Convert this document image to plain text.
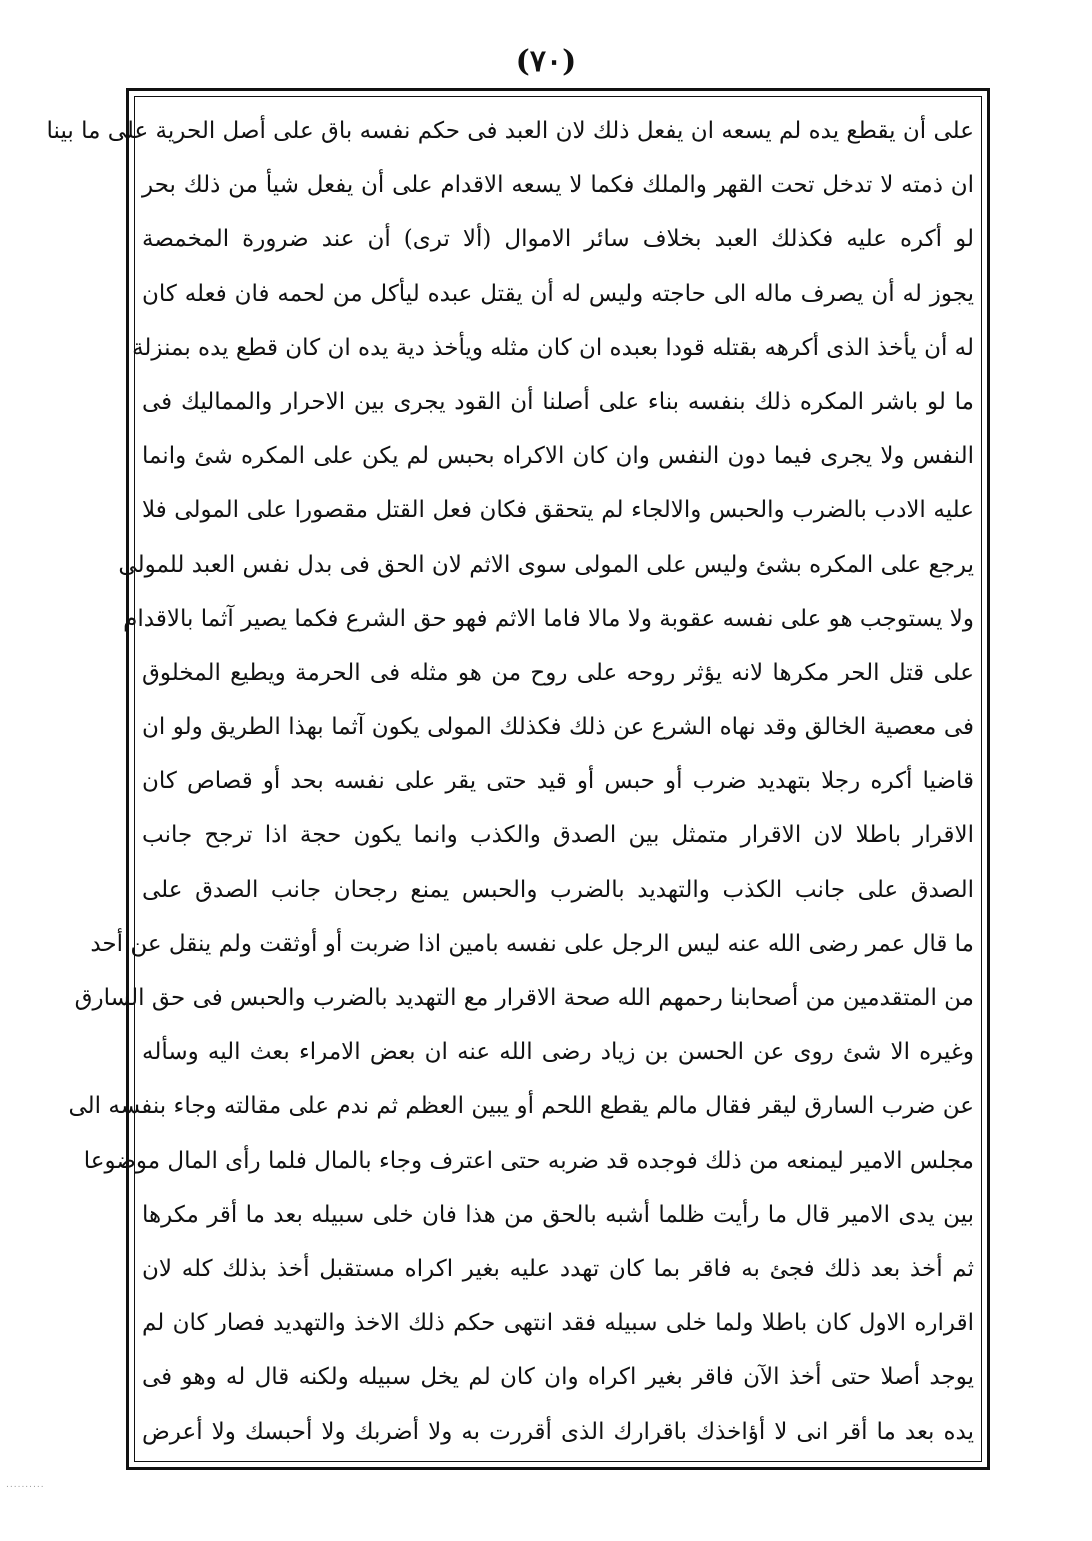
(٧٠)
على أن يقطع يده لم يسعه ان يفعل ذلك لان العبد فى حكم نفسه باق على أصل الحرية على ما بينا
ان ذمته لا تدخل تحت القهر والملك فكما لا يسعه الاقدام على أن يفعل شيأ من ذلك بحر
لو أكره عليه فكذلك العبد بخلاف سائر الاموال (ألا ترى) أن عند ضرورة المخمصة
يجوز له أن يصرف ماله الى حاجته وليس له أن يقتل عبده ليأكل من لحمه فان فعله كان
له أن يأخذ الذى أكرهه بقتله قودا بعبده ان كان مثله ويأخذ دية يده ان كان قطع يده بمنزلة
ما لو باشر المكره ذلك بنفسه بناء على أصلنا أن القود يجرى بين الاحرار والمماليك فى
النفس ولا يجرى فيما دون النفس وان كان الاكراه بحبس لم يكن على المكره شئ وانما
عليه الادب بالضرب والحبس والالجاء لم يتحقق فكان فعل القتل مقصورا على المولى فلا
يرجع على المكره بشئ وليس على المولى سوى الاثم لان الحق فى بدل نفس العبد للمولى
ولا يستوجب هو على نفسه عقوبة ولا مالا فاما الاثم فهو حق الشرع فكما يصير آثما بالاقدام
على قتل الحر مكرها لانه يؤثر روحه على روح من هو مثله فى الحرمة ويطيع المخلوق
فى معصية الخالق وقد نهاه الشرع عن ذلك فكذلك المولى يكون آثما بهذا الطريق ولو ان
قاضيا أكره رجلا بتهديد ضرب أو حبس أو قيد حتى يقر على نفسه بحد أو قصاص كان
الاقرار باطلا لان الاقرار متمثل بين الصدق والكذب وانما يكون حجة اذا ترجح جانب
الصدق على جانب الكذب والتهديد بالضرب والحبس يمنع رجحان جانب الصدق على
ما قال عمر رضى الله عنه ليس الرجل على نفسه بامين اذا ضربت أو أوثقت ولم ينقل عن أحد
من المتقدمين من أصحابنا رحمهم الله صحة الاقرار مع التهديد بالضرب والحبس فى حق السارق
وغيره الا شئ روى عن الحسن بن زياد رضى الله عنه ان بعض الامراء بعث اليه وسأله
عن ضرب السارق ليقر فقال مالم يقطع اللحم أو يبين العظم ثم ندم على مقالته وجاء بنفسه الى
مجلس الامير ليمنعه من ذلك فوجده قد ضربه حتى اعترف وجاء بالمال فلما رأى المال موضوعا
بين يدى الامير قال ما رأيت ظلما أشبه بالحق من هذا فان خلى سبيله بعد ما أقر مكرها
ثم أخذ بعد ذلك فجئ به فاقر بما كان تهدد عليه بغير اكراه مستقبل أخذ بذلك كله لان
اقراره الاول كان باطلا ولما خلى سبيله فقد انتهى حكم ذلك الاخذ والتهديد فصار كان لم
يوجد أصلا حتى أخذ الآن فاقر بغير اكراه وان كان لم يخل سبيله ولكنه قال له وهو فى
يده بعد ما أقر انى لا أؤاخذك باقرارك الذى أقررت به ولا أضربك ولا أحبسك ولا أعرض
..........
